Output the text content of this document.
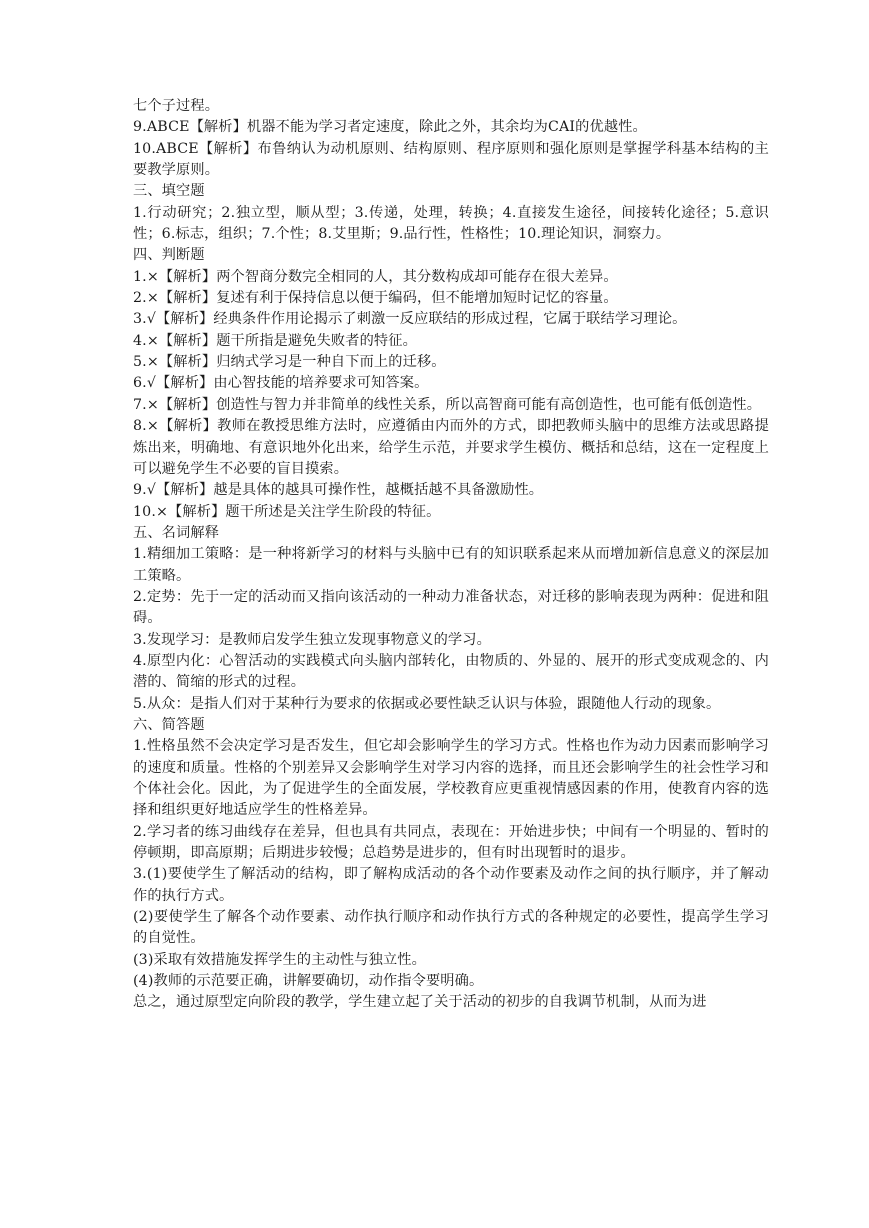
七个子过程。

9.ABCE【解析】机器不能为学习者定速度，除此之外，其余均为CAI的优越性。

10.ABCE【解析】布鲁纳认为动机原则、结构原则、程序原则和强化原则是掌握学科基本结构的主要教学原则。

三、填空题

1.行动研究；2.独立型，顺从型；3.传递，处理，转换；4.直接发生途径，间接转化途径；5.意识性；6.标志，组织；7.个性；8.艾里斯；9.品行性，性格性；10.理论知识，洞察力。

四、判断题

1.×【解析】两个智商分数完全相同的人，其分数构成却可能存在很大差异。

2.×【解析】复述有利于保持信息以便于编码，但不能增加短时记忆的容量。

3.√【解析】经典条件作用论揭示了刺激一反应联结的形成过程，它属于联结学习理论。

4.×【解析】题干所指是避免失败者的特征。

5.×【解析】归纳式学习是一种自下而上的迁移。

6.√【解析】由心智技能的培养要求可知答案。

7.×【解析】创造性与智力并非简单的线性关系，所以高智商可能有高创造性，也可能有低创造性。

8.×【解析】教师在教授思维方法时，应遵循由内而外的方式，即把教师头脑中的思维方法或思路提炼出来，明确地、有意识地外化出来，给学生示范，并要求学生模仿、概括和总结，这在一定程度上可以避免学生不必要的盲目摸索。

9.√【解析】越是具体的越具可操作性，越概括越不具备激励性。

10.×【解析】题干所述是关注学生阶段的特征。

五、名词解释

1.精细加工策略：是一种将新学习的材料与头脑中已有的知识联系起来从而增加新信息意义的深层加工策略。

2.定势：先于一定的活动而又指向该活动的一种动力准备状态，对迁移的影响表现为两种：促进和阻碍。

3.发现学习：是教师启发学生独立发现事物意义的学习。

4.原型内化：心智活动的实践模式向头脑内部转化，由物质的、外显的、展开的形式变成观念的、内潜的、简缩的形式的过程。

5.从众：是指人们对于某种行为要求的依据或必要性缺乏认识与体验，跟随他人行动的现象。

六、简答题

1.性格虽然不会决定学习是否发生，但它却会影响学生的学习方式。性格也作为动力因素而影响学习的速度和质量。性格的个别差异又会影响学生对学习内容的选择，而且还会影响学生的社会性学习和个体社会化。因此，为了促进学生的全面发展，学校教育应更重视情感因素的作用，使教育内容的选择和组织更好地适应学生的性格差异。

2.学习者的练习曲线存在差异，但也具有共同点，表现在：开始进步快；中间有一个明显的、暂时的停顿期，即高原期；后期进步较慢；总趋势是进步的，但有时出现暂时的退步。

3.(1)要使学生了解活动的结构，即了解构成活动的各个动作要素及动作之间的执行顺序，并了解动作的执行方式。

(2)要使学生了解各个动作要素、动作执行顺序和动作执行方式的各种规定的必要性，提高学生学习的自觉性。

(3)采取有效措施发挥学生的主动性与独立性。

(4)教师的示范要正确，讲解要确切，动作指令要明确。

总之，通过原型定向阶段的教学，学生建立起了关于活动的初步的自我调节机制，从而为进
